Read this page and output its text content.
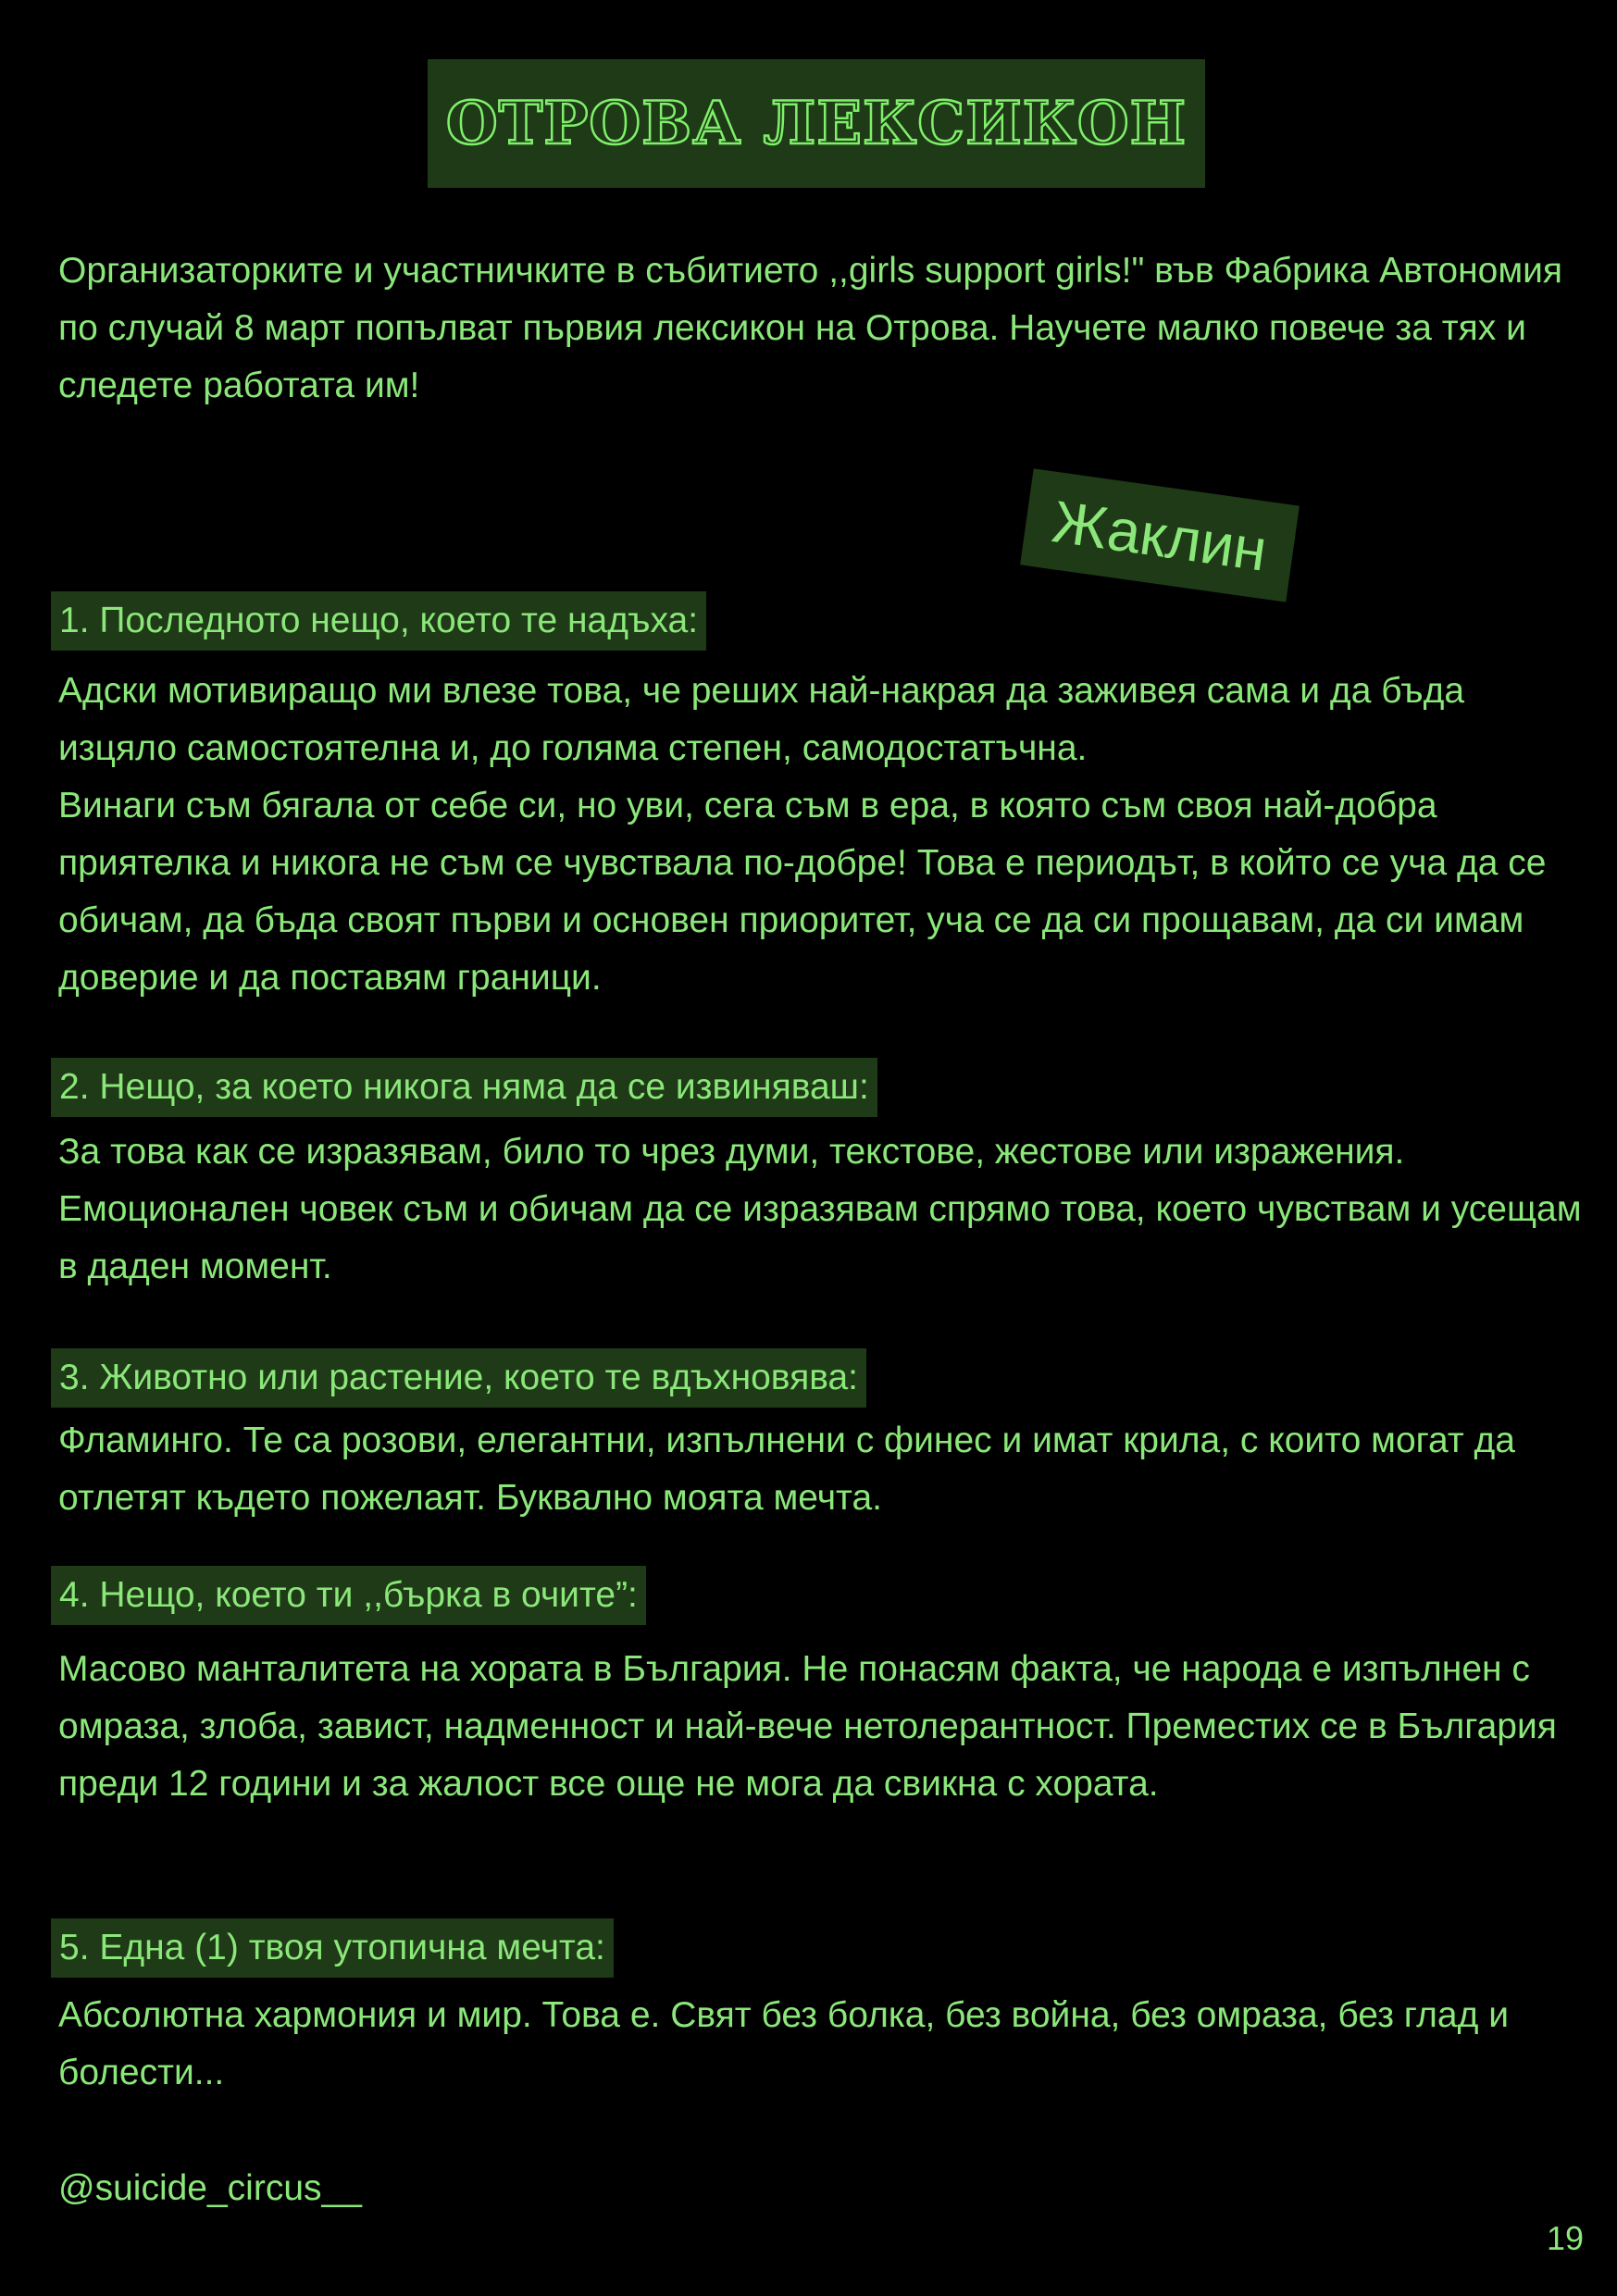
ОТРОВА ЛЕКСИКОН

Организаторките и участничките в събитието ,,girls support girls!" във Фабрика Автономия по случай 8 март попълват първия лексикон на Отрова. Научете малко повече за тях и следете работата им!

Жаклин
1. Последното нещо, което те надъха:

Адски мотивиращо ми влезе това, че реших най-накрая да заживея сама и да бъда изцяло самостоятелна и, до голяма степен, самодостатъчна.
Винаги съм бягала от себе си, но уви, сега съм в ера, в която съм своя най-добра приятелка и никога не съм се чувствала по-добре! Това е периодът, в който се уча да се обичам, да бъда своят първи и основен приоритет, уча се да си прощавам, да си имам доверие и да поставям граници.

2. Нещо, за което никога няма да се извиняваш:

За това как се изразявам, било то чрез думи, текстове, жестове или изражения. Емоционален човек съм и обичам да се изразявам спрямо това, което чувствам и усещам в даден момент.

3. Животно или растение, което те вдъхновява:

Фламинго. Те са розови, елегантни, изпълнени с финес и имат крила, с които могат да отлетят където пожелаят. Буквално моята мечта.

4. Нещо, което ти ,,бърка в очите”:

Масово манталитета на хората в България. Не понасям факта, че народа е изпълнен с омраза, злоба, завист, надменност и най-вече нетолерантност. Преместих се в България преди 12 години и за жалост все още не мога да свикна с хората.

5. Една (1) твоя утопична мечта:

Абсолютна хармония и мир. Това е. Свят без болка, без война, без омраза, без глад и болести...

@suicide_circus__

19
